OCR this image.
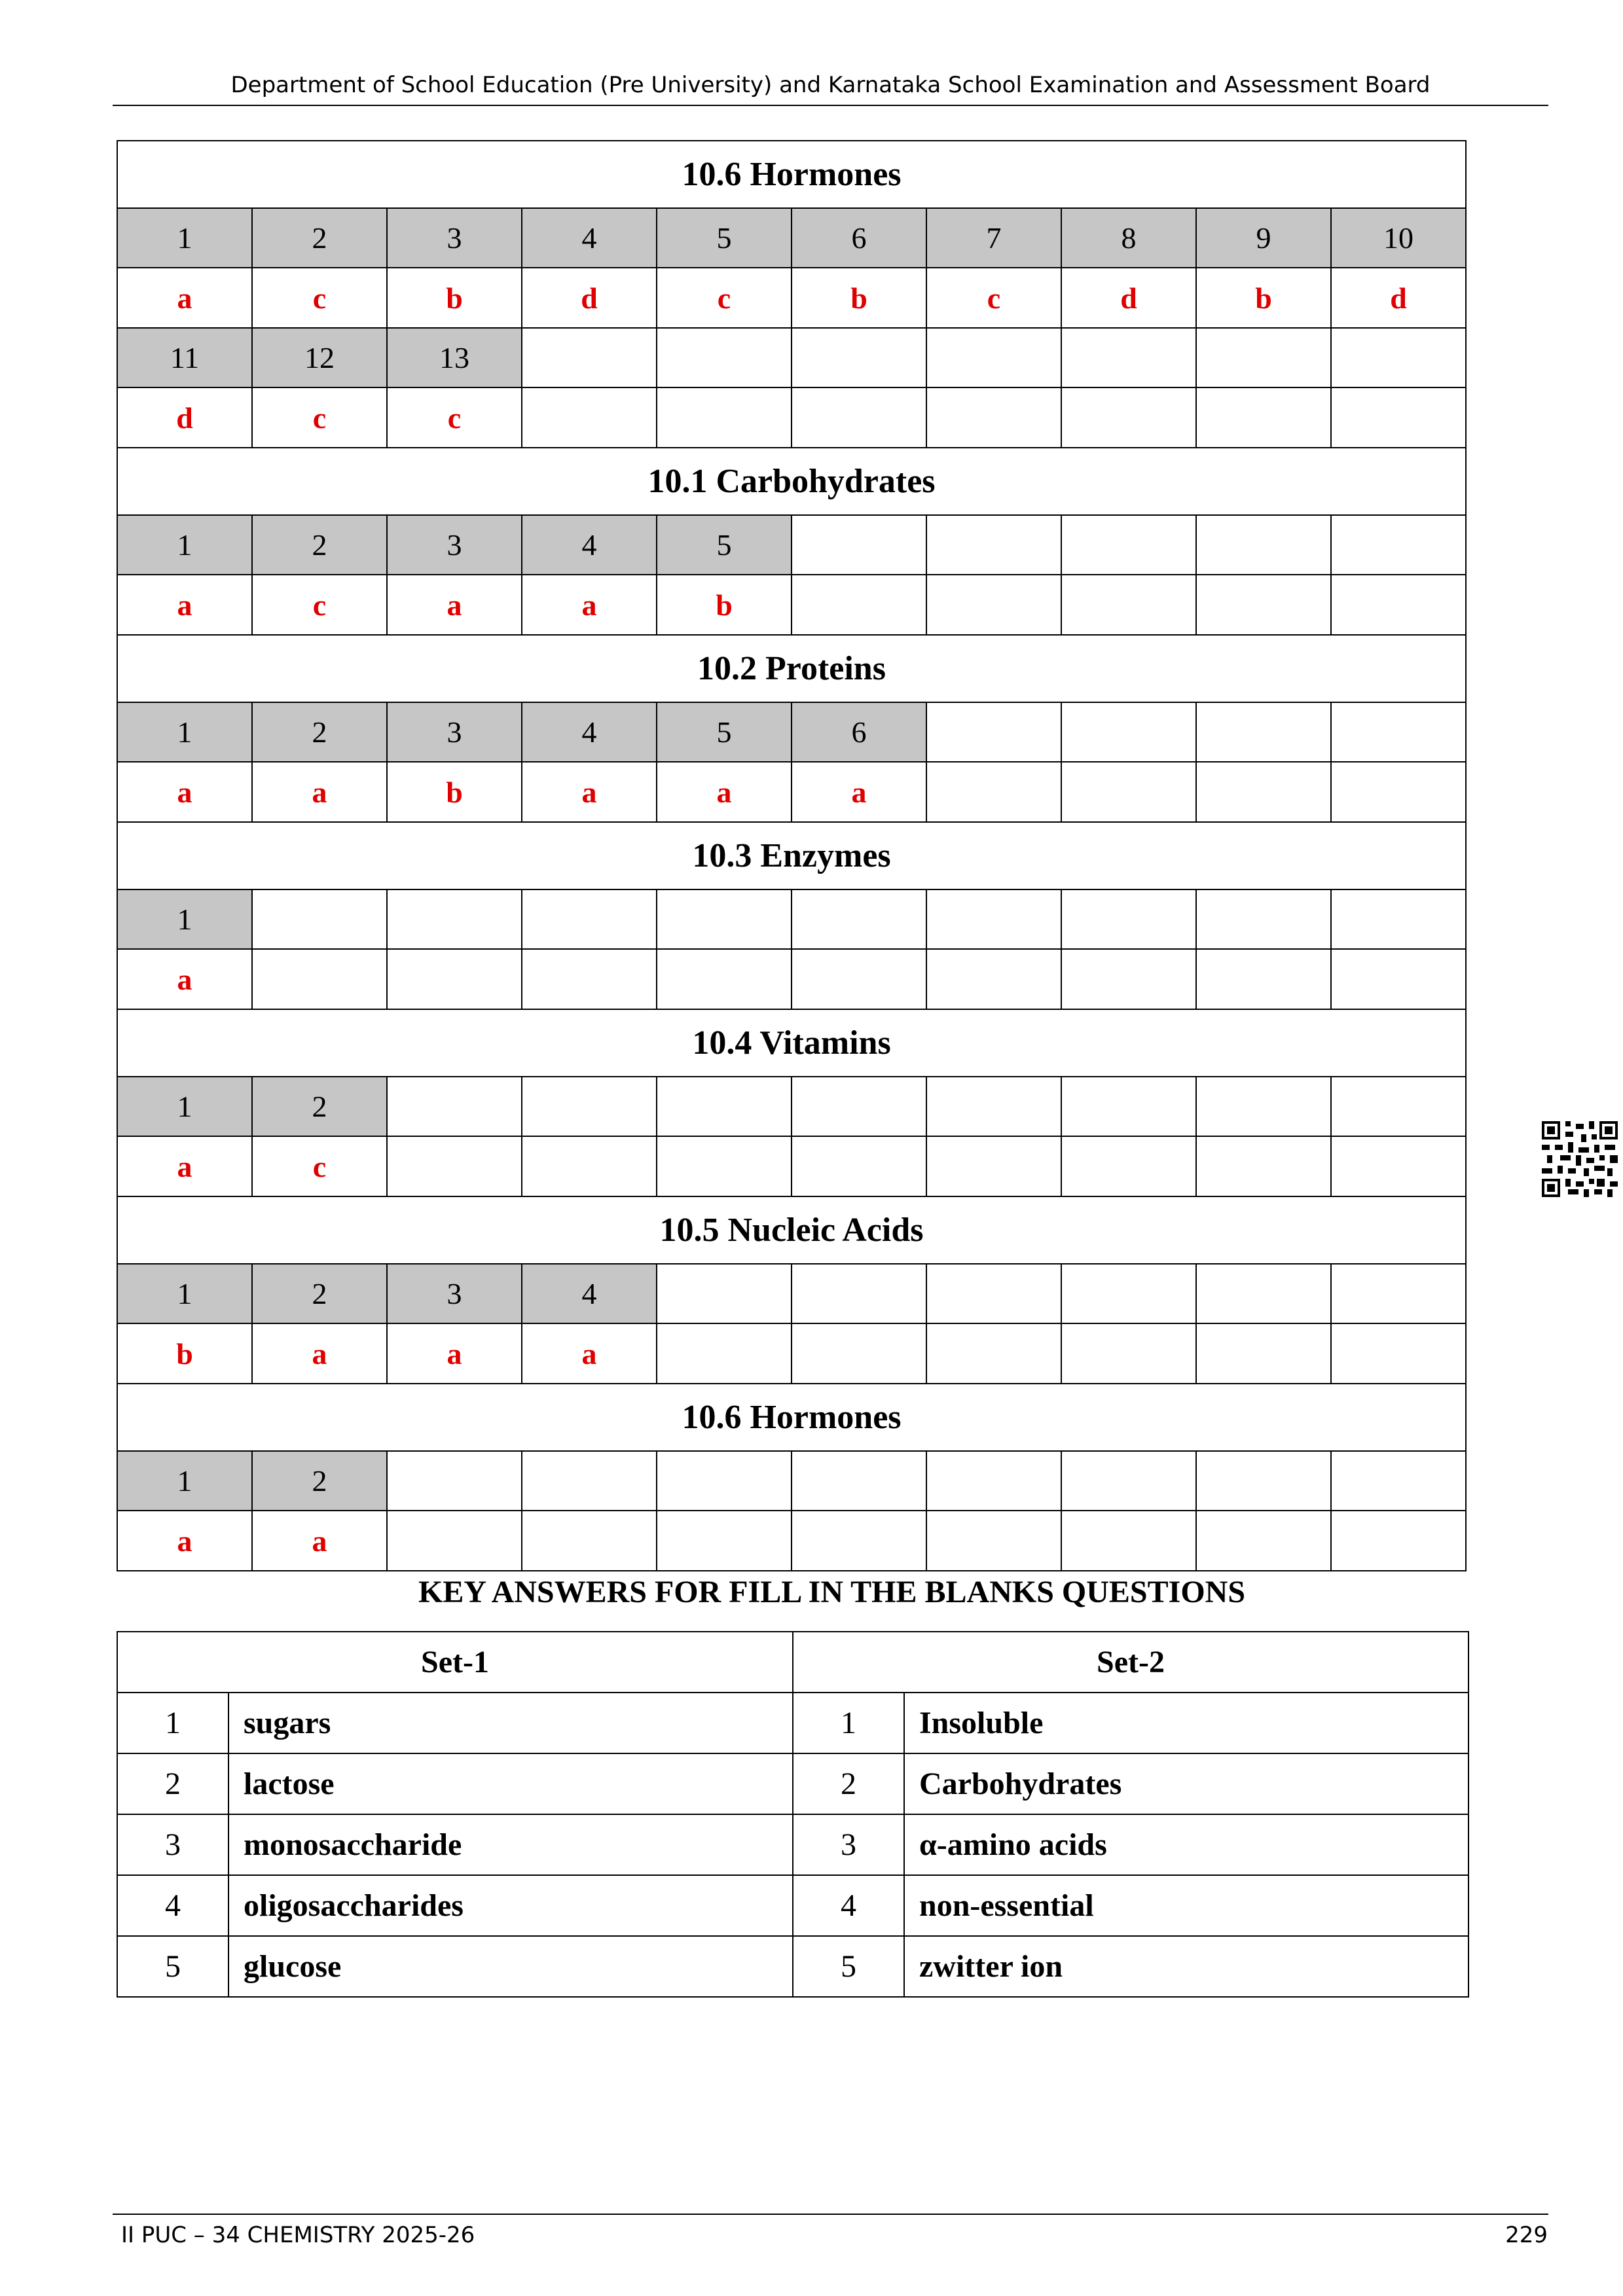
Department of School Education (Pre University) and Karnataka School Examination and Assessment Board
10.6 Hormones									
1	2	3	4	5	6	7	8	9	10
a	c	b	d	c	b	c	d	b	d
11	12	13							
d	c	c							
10.1 Carbohydrates									
1	2	3	4	5					
a	c	a	a	b					
10.2 Proteins									
1	2	3	4	5	6				
a	a	b	a	a	a				
10.3 Enzymes									
1									
a									
10.4 Vitamins									
1	2								
a	c								
10.5 Nucleic Acids									
1	2	3	4						
b	a	a	a						
10.6 Hormones									
1	2								
a	a								
KEY ANSWERS FOR FILL IN THE BLANKS QUESTIONS
Set-1		Set-2	
1	sugars	1	Insoluble
2	lactose	2	Carbohydrates
3	monosaccharide	3	α-amino acids
4	oligosaccharides	4	non-essential
5	glucose	5	zwitter ion
II PUC – 34 CHEMISTRY 2025-26	229
